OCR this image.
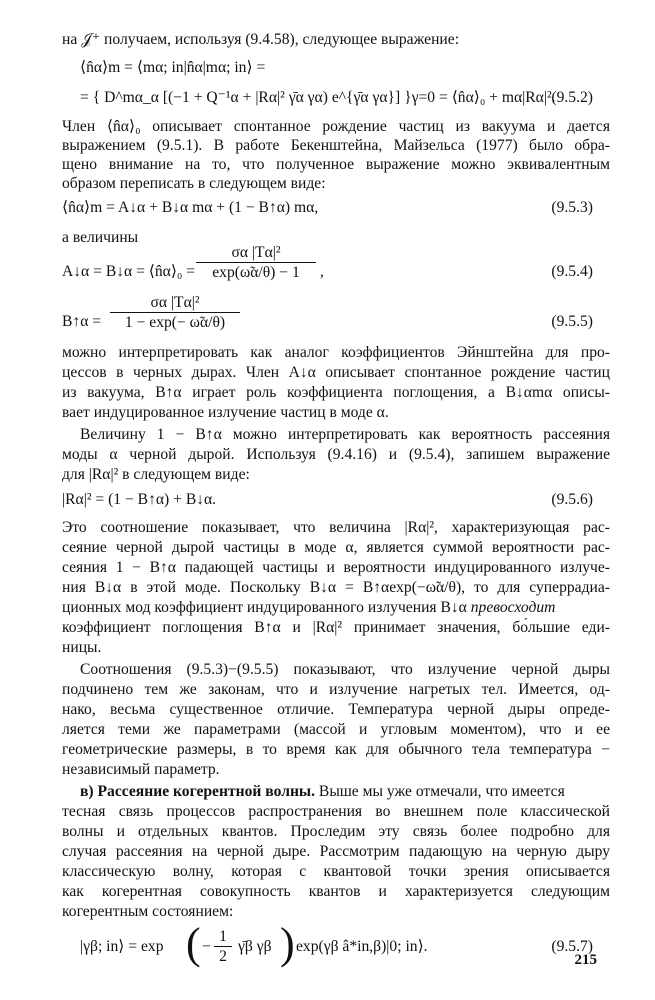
на 𝒥⁺ получаем, используя (9.4.58), следующее выражение:
⟨n̂α⟩m = ⟨mα; in|n̂α|mα; in⟩ =
= { D^mα_α [(−1 + Q⁻¹α + |Rα|² γ̄α γα) e^{γ̄α γα}] }γ=0 = ⟨n̂α⟩₀ + mα|Rα|².
(9.5.2)
Член ⟨n̂α⟩₀ описывает спонтанное рождение частиц из вакуума и дается
выражением (9.5.1). В работе Бекенштейна, Майзельса (1977) было обра-
щено внимание на то, что полученное выражение можно эквивалентным
образом переписать в следующем виде:
⟨n̂α⟩m = A↓α + B↓α mα + (1 − B↑α) mα,	(9.5.3)
а величины
A↓α = B↓α = ⟨n̂α⟩₀ = $\frac{\text{σα |Tα|²}}{\exp(\omegã\alpha/\theta) - 1}$ ,	(9.5.4)
B↑α = $\frac{\text{σα |Tα|²}}{1 - \exp(- \omegã\alpha/\theta)}$	(9.5.5)
можно интерпретировать как аналог коэффициентов Эйнштейна для про-
цессов в черных дырах. Член A↓α описывает спонтанное рождение частиц
из вакуума, B↑α играет роль коэффициента поглощения, а B↓αmα описы-
вает индуцированное излучение частиц в моде α.
Величину 1 − B↑α можно интерпретировать как вероятность рассеяния
моды α черной дырой. Используя (9.4.16) и (9.5.4), запишем выражение
для |Rα|² в следующем виде:
|Rα|² = (1 − B↑α) + B↓α.	(9.5.6)
Это соотношение показывает, что величина |Rα|², характеризующая рас-
сеяние черной дырой частицы в моде α, является суммой вероятности рас-
сеяния 1 − B↑α падающей частицы и вероятности индуцированного излуче-
ния B↓α в этой моде. Поскольку B↓α = B↑αexp(−ω̃α/θ), то для суперрадиа-
ционных мод коэффициент индуцированного излучения B↓α превосходит
коэффициент поглощения B↑α и |Rα|² принимает значения, бо́льшие еди-
ницы.
Соотношения (9.5.3)−(9.5.5) показывают, что излучение черной дыры
подчинено тем же законам, что и излучение нагретых тел. Имеется, од-
нако, весьма существенное отличие. Температура черной дыры опреде-
ляется теми же параметрами (массой и угловым моментом), что и ее
геометрические размеры, в то время как для обычного тела температура −
независимый параметр.
в) Рассеяние когерентной волны. Выше мы уже отмечали, что имеется
тесная связь процессов распространения во внешнем поле классической
волны и отдельных квантов. Проследим эту связь более подробно для
случая рассеяния на черной дыре. Рассмотрим падающую на черную дыру
классическую волну, которая с квантовой точки зрения описывается
как когерентная совокупность квантов и характеризуется следующим
когерентным состоянием:
|γβ; in⟩ = exp ( − $\frac{1}{2}$ γ̄β γβ ) exp(γβ â*in,β)|0; in⟩.	(9.5.7)
215
